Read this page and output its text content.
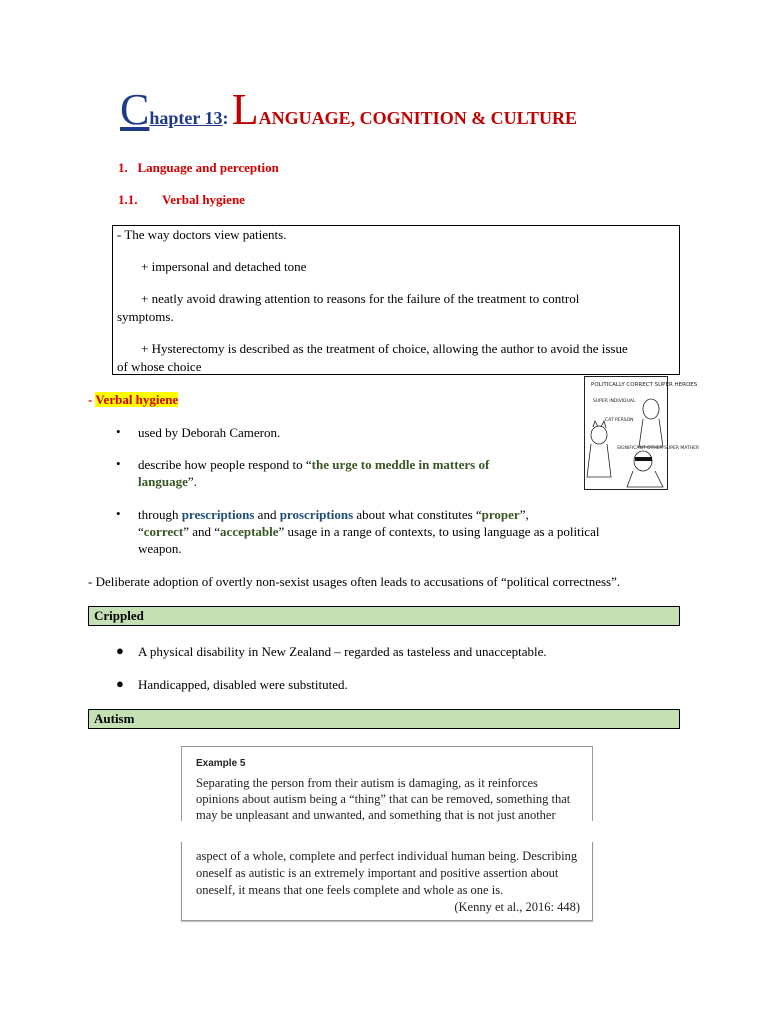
Chapter 13: LANGUAGE, COGNITION & CULTURE
1.   Language and perception
1.1. Verbal hygiene

- The way doctors view patients.

+ impersonal and detached tone

+ neatly avoid drawing attention to reasons for the failure of the treatment to control

symptoms.

+ Hysterectomy is described as the treatment of choice, allowing the author to avoid the issue

of whose choice

- Verbal hygiene
POLITICALLY CORRECT SUPER HEROES
SUPER INDIVIDUAL
CAT PERSON
SIGNIFICANT OTHER SUPER MATHER
• used by Deborah Cameron.
• describe how people respond to “the urge to meddle in matters of
language”.
• through prescriptions and proscriptions about what constitutes “proper”,
“correct” and “acceptable” usage in a range of contexts, to using language as a political
weapon.
- Deliberate adoption of overtly non-sexist usages often leads to accusations of “political correctness”.
Crippled
● A physical disability in New Zealand – regarded as tasteless and unacceptable.
● Handicapped, disabled were substituted.
Autism
Example 5
Separating the person from their autism is damaging, as it reinforces
opinions about autism being a “thing” that can be removed, something that
may be unpleasant and unwanted, and something that is not just another
aspect of a whole, complete and perfect individual human being. Describing
oneself as autistic is an extremely important and positive assertion about
oneself, it means that one feels complete and whole as one is.
(Kenny et al., 2016: 448)
